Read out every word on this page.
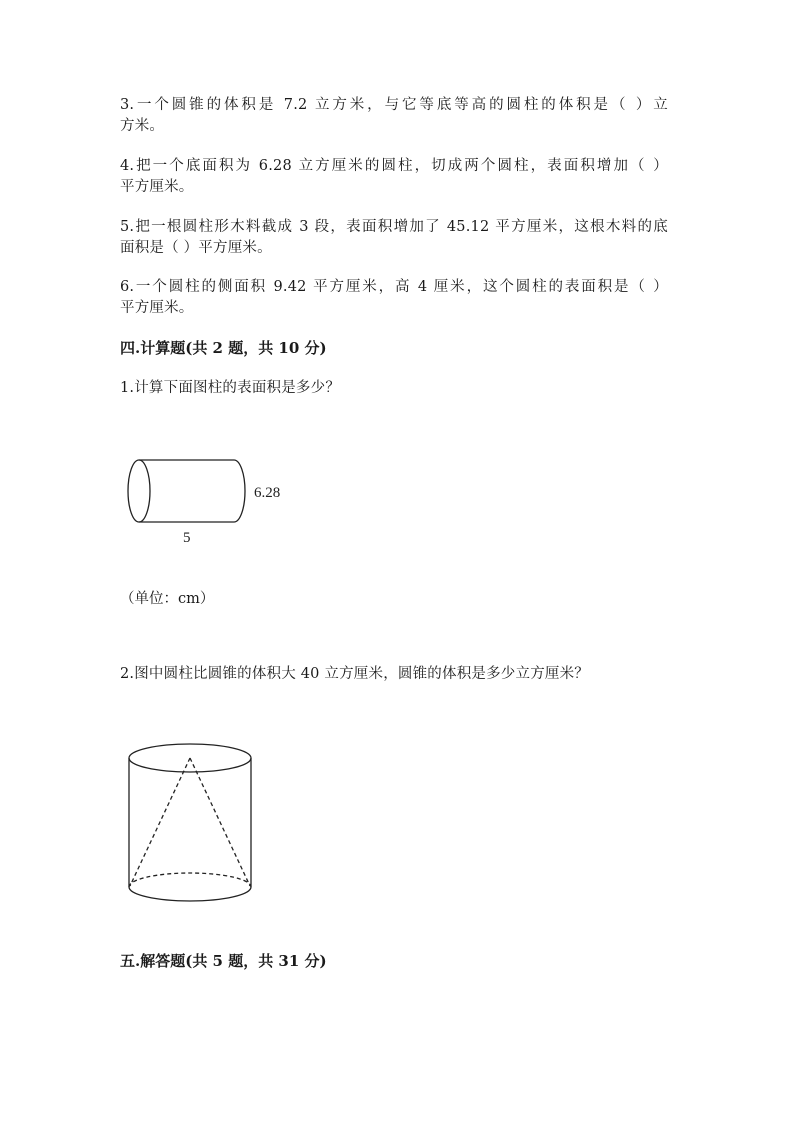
3.一个圆锥的体积是 7.2 立方米，与它等底等高的圆柱的体积是（ ）立
方米。
4.把一个底面积为 6.28 立方厘米的圆柱，切成两个圆柱，表面积增加（ ）
平方厘米。
5.把一根圆柱形木料截成 3 段，表面积增加了 45.12 平方厘米，这根木料的底
面积是（ ）平方厘米。
6.一个圆柱的侧面积 9.42 平方厘米，高 4 厘米，这个圆柱的表面积是（ ）
平方厘米。
四.计算题(共 2 题，共 10 分)
1.计算下面图柱的表面积是多少？
6.28
5
（单位：cm）
2.图中圆柱比圆锥的体积大 40 立方厘米，圆锥的体积是多少立方厘米？
五.解答题(共 5 题，共 31 分)
